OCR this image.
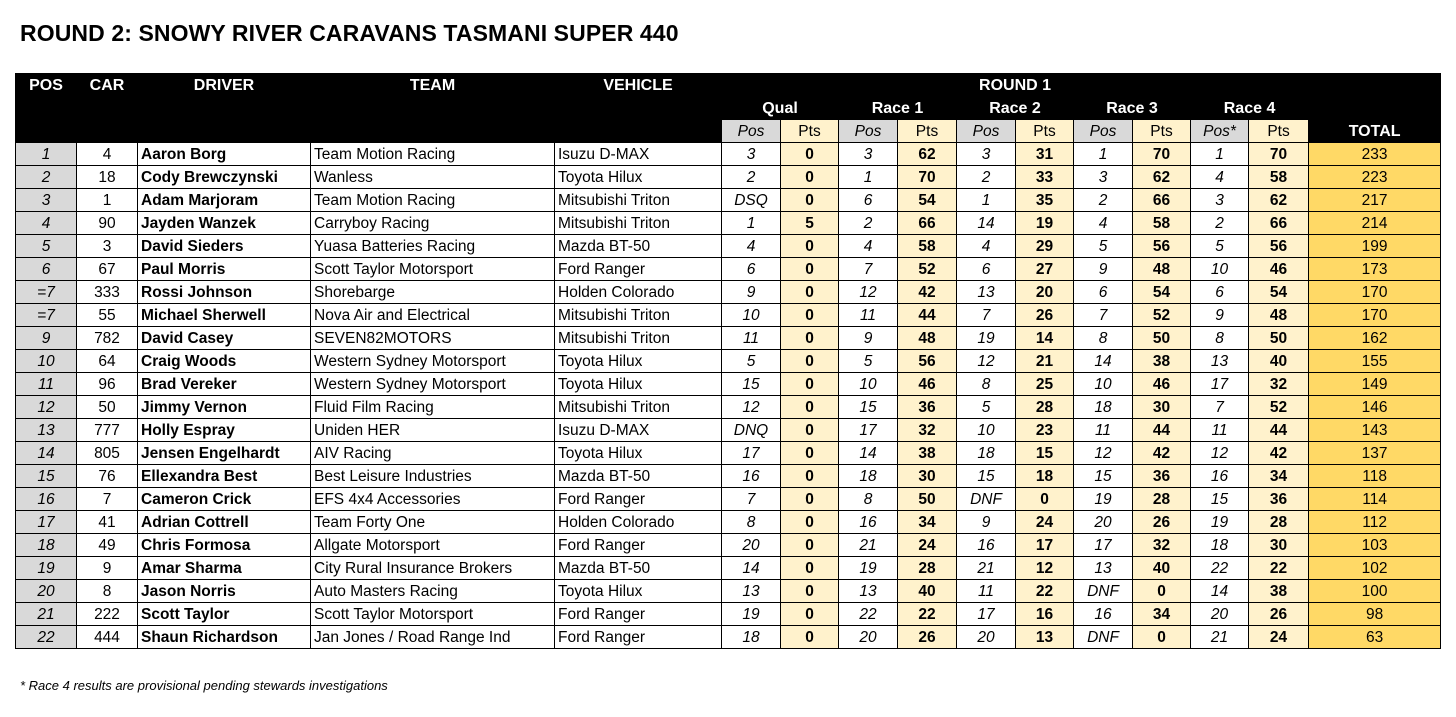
ROUND 2: SNOWY RIVER CARAVANS TASMANI SUPER 440
POS	CAR	DRIVER	TEAM	VEHICLE	ROUND 1										
					Qual		Race 1		Race 2		Race 3		Race 4		
					Pos	Pts	Pos	Pts	Pos	Pts	Pos	Pts	Pos*	Pts	TOTAL
1	4	Aaron Borg	Team Motion Racing	Isuzu D-MAX	3	0	3	62	3	31	1	70	1	70	233
2	18	Cody Brewczynski	Wanless	Toyota Hilux	2	0	1	70	2	33	3	62	4	58	223
3	1	Adam Marjoram	Team Motion Racing	Mitsubishi Triton	DSQ	0	6	54	1	35	2	66	3	62	217
4	90	Jayden Wanzek	Carryboy Racing	Mitsubishi Triton	1	5	2	66	14	19	4	58	2	66	214
5	3	David Sieders	Yuasa Batteries Racing	Mazda BT-50	4	0	4	58	4	29	5	56	5	56	199
6	67	Paul Morris	Scott Taylor Motorsport	Ford Ranger	6	0	7	52	6	27	9	48	10	46	173
=7	333	Rossi Johnson	Shorebarge	Holden Colorado	9	0	12	42	13	20	6	54	6	54	170
=7	55	Michael Sherwell	Nova Air and Electrical	Mitsubishi Triton	10	0	11	44	7	26	7	52	9	48	170
9	782	David Casey	SEVEN82MOTORS	Mitsubishi Triton	11	0	9	48	19	14	8	50	8	50	162
10	64	Craig Woods	Western Sydney Motorsport	Toyota Hilux	5	0	5	56	12	21	14	38	13	40	155
11	96	Brad Vereker	Western Sydney Motorsport	Toyota Hilux	15	0	10	46	8	25	10	46	17	32	149
12	50	Jimmy Vernon	Fluid Film Racing	Mitsubishi Triton	12	0	15	36	5	28	18	30	7	52	146
13	777	Holly Espray	Uniden HER	Isuzu D-MAX	DNQ	0	17	32	10	23	11	44	11	44	143
14	805	Jensen Engelhardt	AIV Racing	Toyota Hilux	17	0	14	38	18	15	12	42	12	42	137
15	76	Ellexandra Best	Best Leisure Industries	Mazda BT-50	16	0	18	30	15	18	15	36	16	34	118
16	7	Cameron Crick	EFS 4x4 Accessories	Ford Ranger	7	0	8	50	DNF	0	19	28	15	36	114
17	41	Adrian Cottrell	Team Forty One	Holden Colorado	8	0	16	34	9	24	20	26	19	28	112
18	49	Chris Formosa	Allgate Motorsport	Ford Ranger	20	0	21	24	16	17	17	32	18	30	103
19	9	Amar Sharma	City Rural Insurance Brokers	Mazda BT-50	14	0	19	28	21	12	13	40	22	22	102
20	8	Jason Norris	Auto Masters Racing	Toyota Hilux	13	0	13	40	11	22	DNF	0	14	38	100
21	222	Scott Taylor	Scott Taylor Motorsport	Ford Ranger	19	0	22	22	17	16	16	34	20	26	98
22	444	Shaun Richardson	Jan Jones / Road Range Ind	Ford Ranger	18	0	20	26	20	13	DNF	0	21	24	63
* Race 4 results are provisional pending stewards investigations
